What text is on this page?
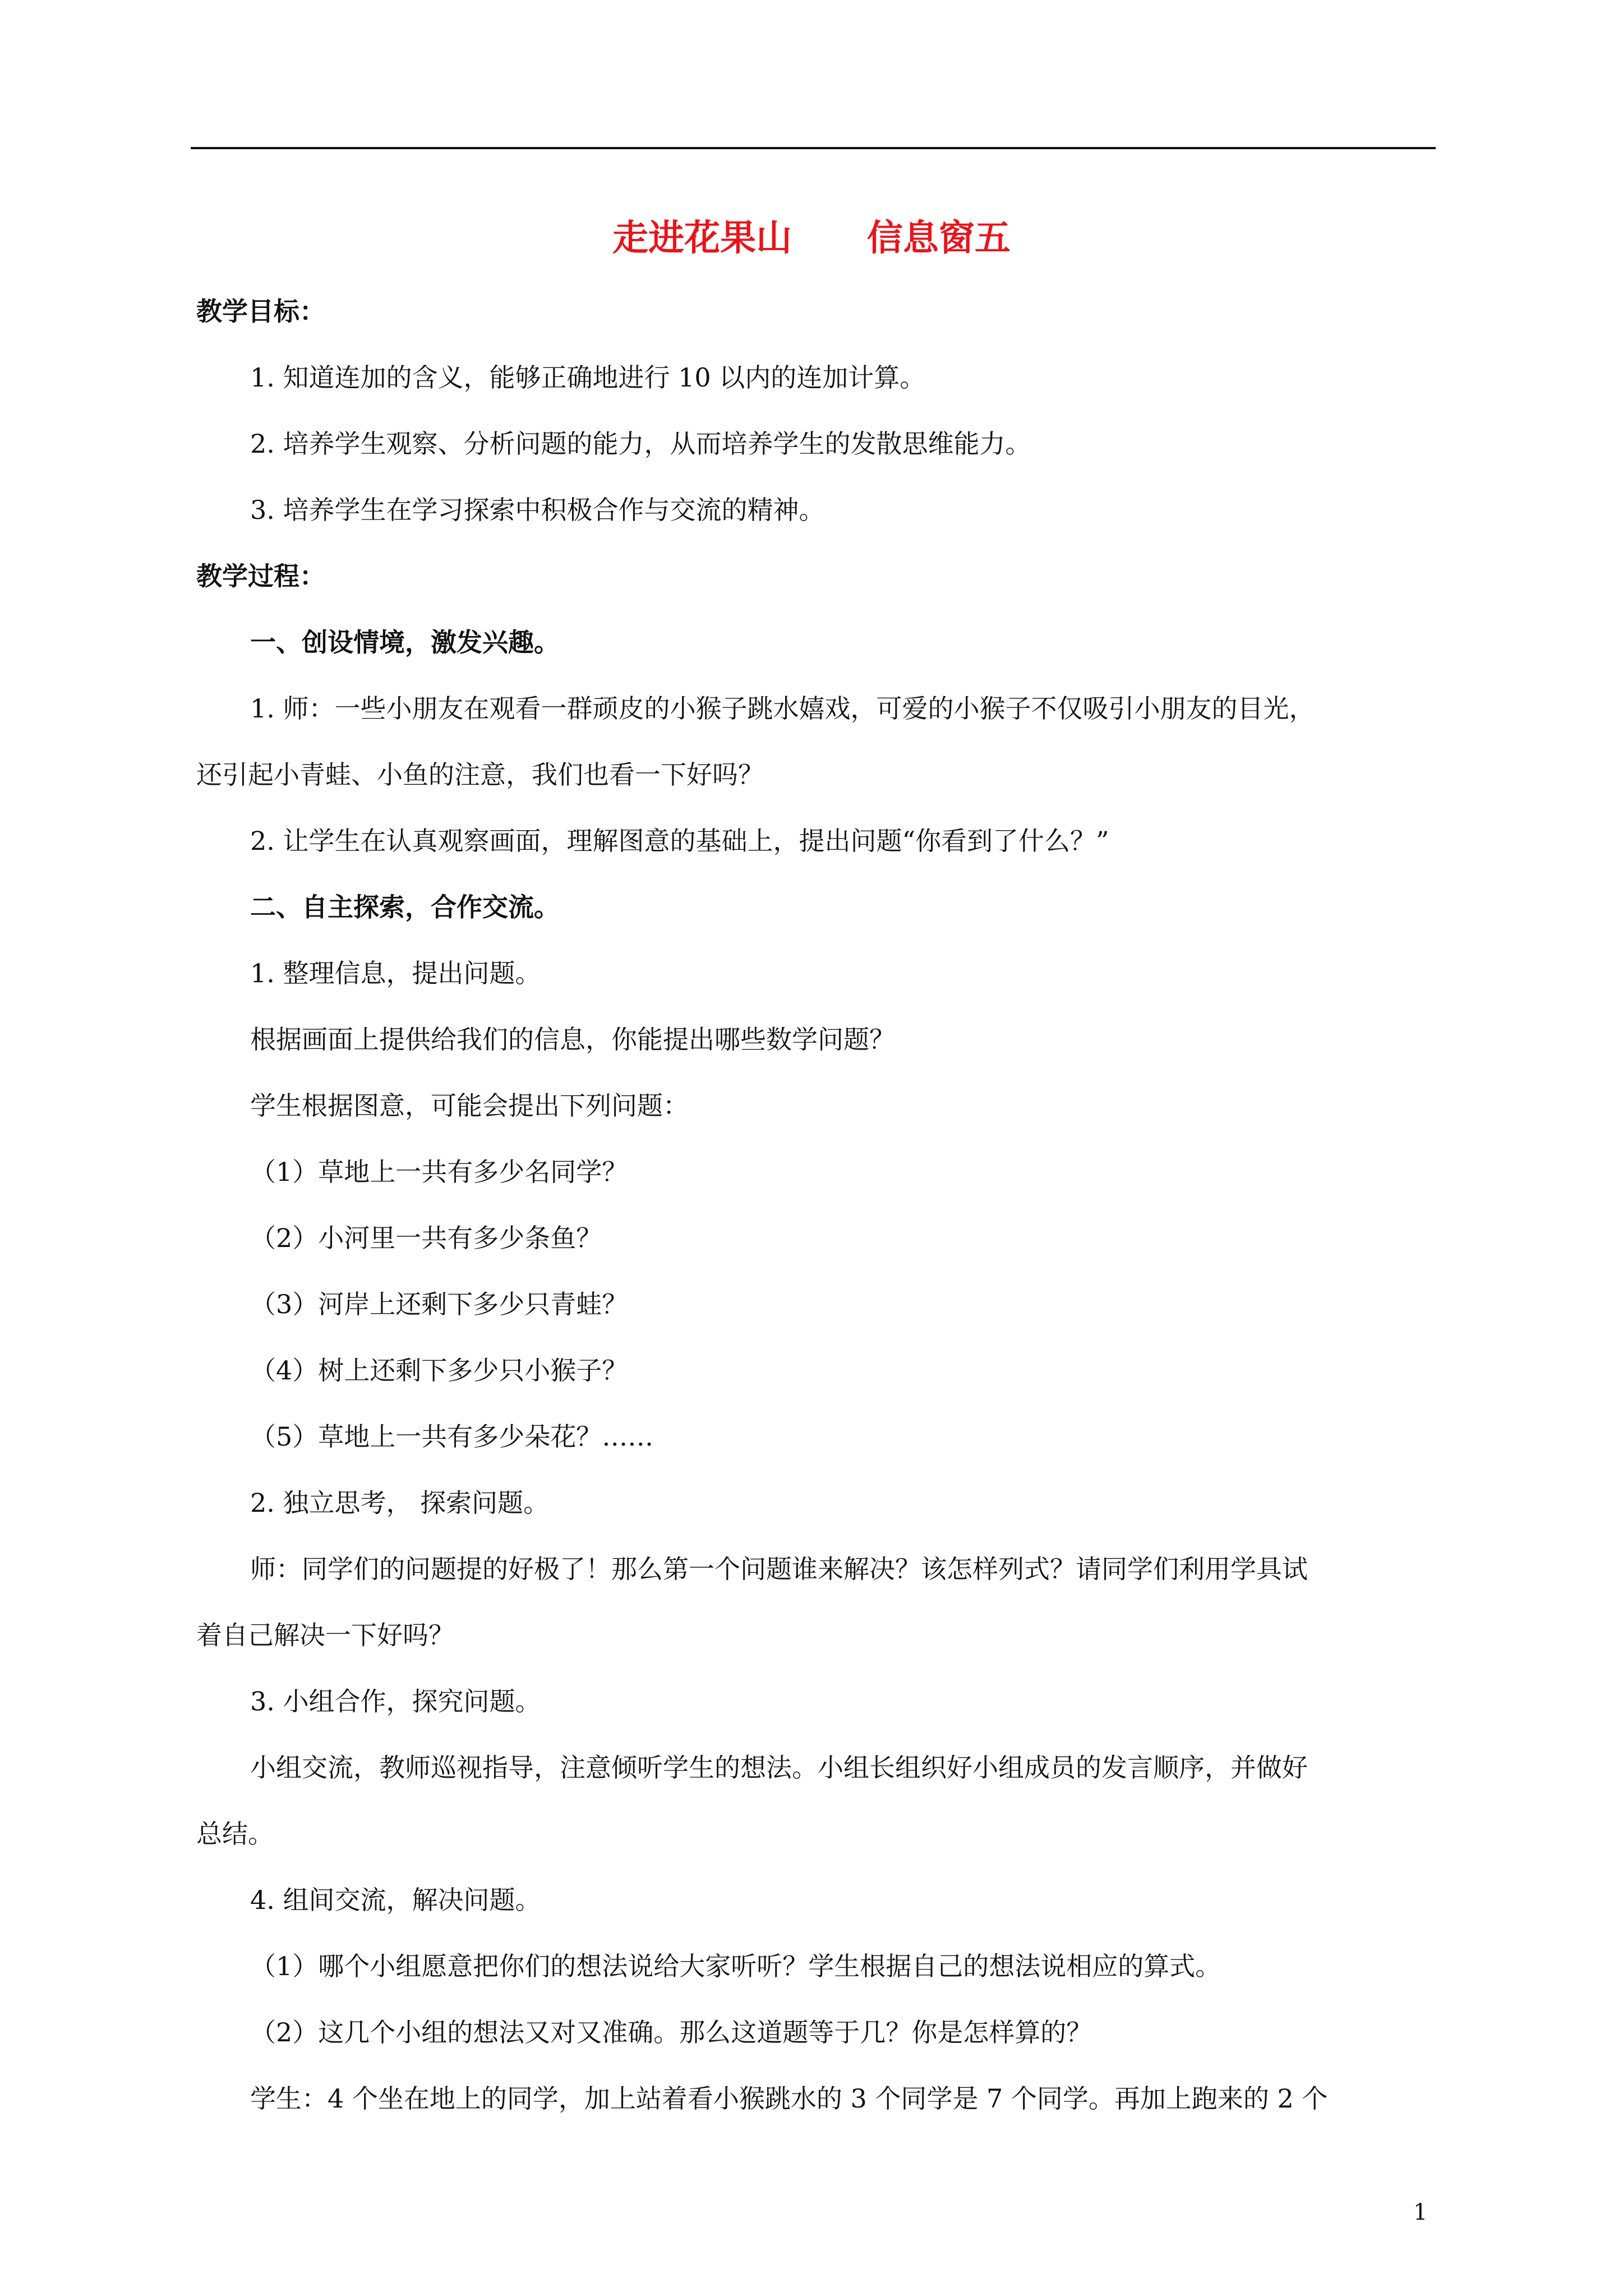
走进花果山      信息窗五

教学目标：

1. 知道连加的含义，能够正确地进行 10 以内的连加计算。

2. 培养学生观察、分析问题的能力，从而培养学生的发散思维能力。

3. 培养学生在学习探索中积极合作与交流的精神。

教学过程：

一、创设情境，激发兴趣。

1. 师：一些小朋友在观看一群顽皮的小猴子跳水嬉戏，可爱的小猴子不仅吸引小朋友的目光，

还引起小青蛙、小鱼的注意，我们也看一下好吗？

2. 让学生在认真观察画面，理解图意的基础上，提出问题“你看到了什么？”

二、自主探索，合作交流。

1. 整理信息，提出问题。

根据画面上提供给我们的信息，你能提出哪些数学问题？

学生根据图意，可能会提出下列问题：

（1）草地上一共有多少名同学？

（2）小河里一共有多少条鱼？

（3）河岸上还剩下多少只青蛙？

（4）树上还剩下多少只小猴子？

（5）草地上一共有多少朵花？……

2. 独立思考， 探索问题。

师：同学们的问题提的好极了！那么第一个问题谁来解决？该怎样列式？请同学们利用学具试

着自己解决一下好吗？

3. 小组合作，探究问题。

小组交流，教师巡视指导，注意倾听学生的想法。小组长组织好小组成员的发言顺序，并做好

总结。

4. 组间交流，解决问题。

（1）哪个小组愿意把你们的想法说给大家听听？学生根据自己的想法说相应的算式。

（2）这几个小组的想法又对又准确。那么这道题等于几？你是怎样算的？

学生：4 个坐在地上的同学，加上站着看小猴跳水的 3 个同学是 7 个同学。再加上跑来的 2 个

1
